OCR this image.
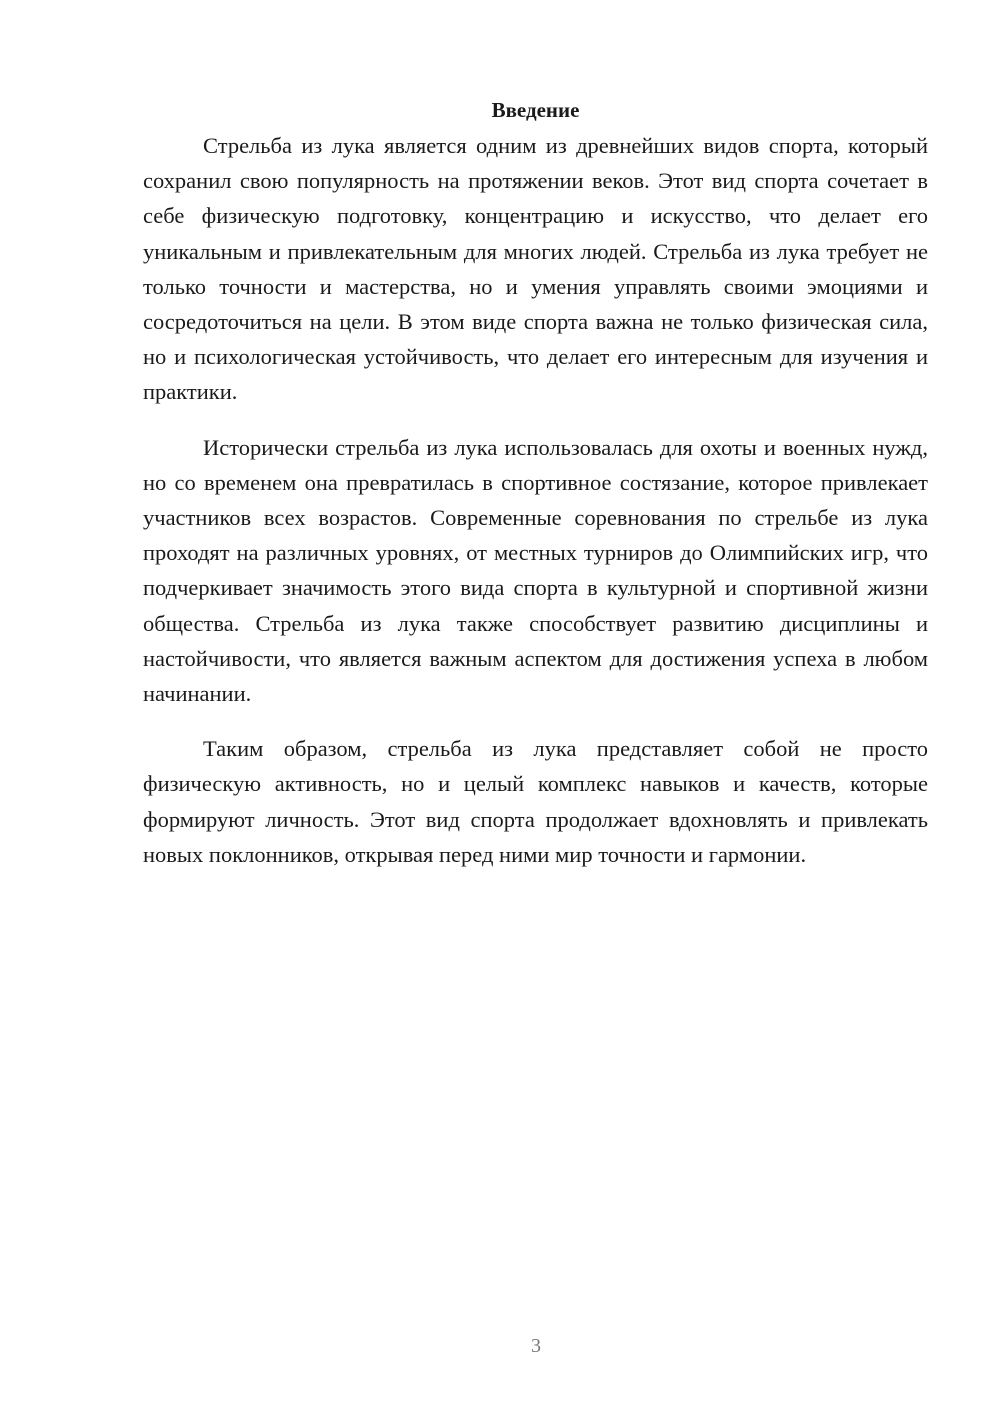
Введение

Стрельба из лука является одним из древнейших видов спорта, который сохранил свою популярность на протяжении веков. Этот вид спорта сочетает в себе физическую подготовку, концентрацию и искусство, что делает его уникальным и привлекательным для многих людей. Стрельба из лука требует не только точности и мастерства, но и умения управлять своими эмоциями и сосредоточиться на цели. В этом виде спорта важна не только физическая сила, но и психологическая устойчивость, что делает его интересным для изучения и практики.

Исторически стрельба из лука использовалась для охоты и военных нужд, но со временем она превратилась в спортивное состязание, которое привлекает участников всех возрастов. Современные соревнования по стрельбе из лука проходят на различных уровнях, от местных турниров до Олимпийских игр, что подчеркивает значимость этого вида спорта в культурной и спортивной жизни общества. Стрельба из лука также способствует развитию дисциплины и настойчивости, что является важным аспектом для достижения успеха в любом начинании.

Таким образом, стрельба из лука представляет собой не просто физическую активность, но и целый комплекс навыков и качеств, которые формируют личность. Этот вид спорта продолжает вдохновлять и привлекать новых поклонников, открывая перед ними мир точности и гармонии.

3
